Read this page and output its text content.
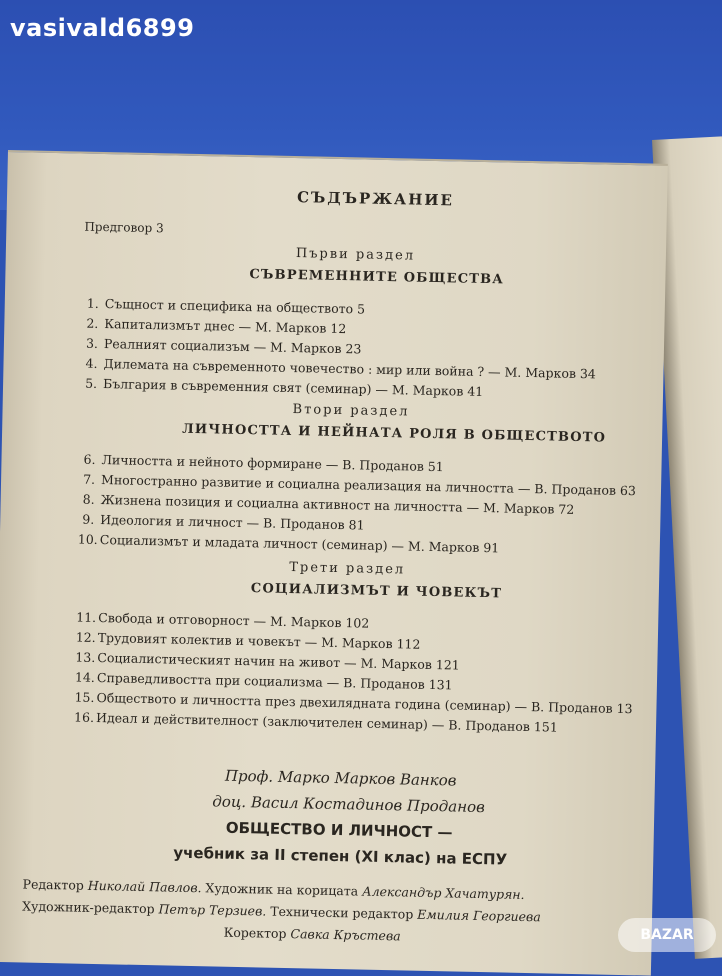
vasivald6899
СЪДЪРЖАНИЕ
Предговор 3
Първи раздел
СЪВРЕМЕННИТЕ ОБЩЕСТВА
1. Същност и специфика на обществото 5
2. Капитализмът днес — М. Марков 12
3. Реалният социализъм — М. Марков 23
4. Дилемата на съвременното човечество : мир или война ? — М. Марков 34
5. България в съвременния свят (семинар) — М. Марков 41
Втори раздел
ЛИЧНОСТТА И НЕЙНАТА РОЛЯ В ОБЩЕСТВОТО
6. Личността и нейното формиране — В. Проданов 51
7. Многостранно развитие и социална реализация на личността — В. Проданов 63
8. Жизнена позиция и социална активност на личността — М. Марков 72
9. Идеология и личност — В. Проданов 81
10. Социализмът и младата личност (семинар) — М. Марков 91
Трети раздел
СОЦИАЛИЗМЪТ И ЧОВЕКЪТ
11. Свобода и отговорност — М. Марков 102
12. Трудовият колектив и човекът — М. Марков 112
13. Социалистическият начин на живот — М. Марков 121
14. Справедливостта при социализма — В. Проданов 131
15. Обществото и личността през двехилядната година (семинар) — В. Проданов 13
16. Идеал и действителност (заключителен семинар) — В. Проданов 151
Проф. Марко Марков Ванков
доц. Васил Костадинов Проданов
ОБЩЕСТВО И ЛИЧНОСТ —
учебник за II степен (XI клас) на ЕСПУ
Редактор Николай Павлов. Художник на корицата Александър Хачатурян.
Художник-редактор Петър Терзиев. Технически редактор Емилия Георгиева
Коректор Савка Кръстева	BAZAR
